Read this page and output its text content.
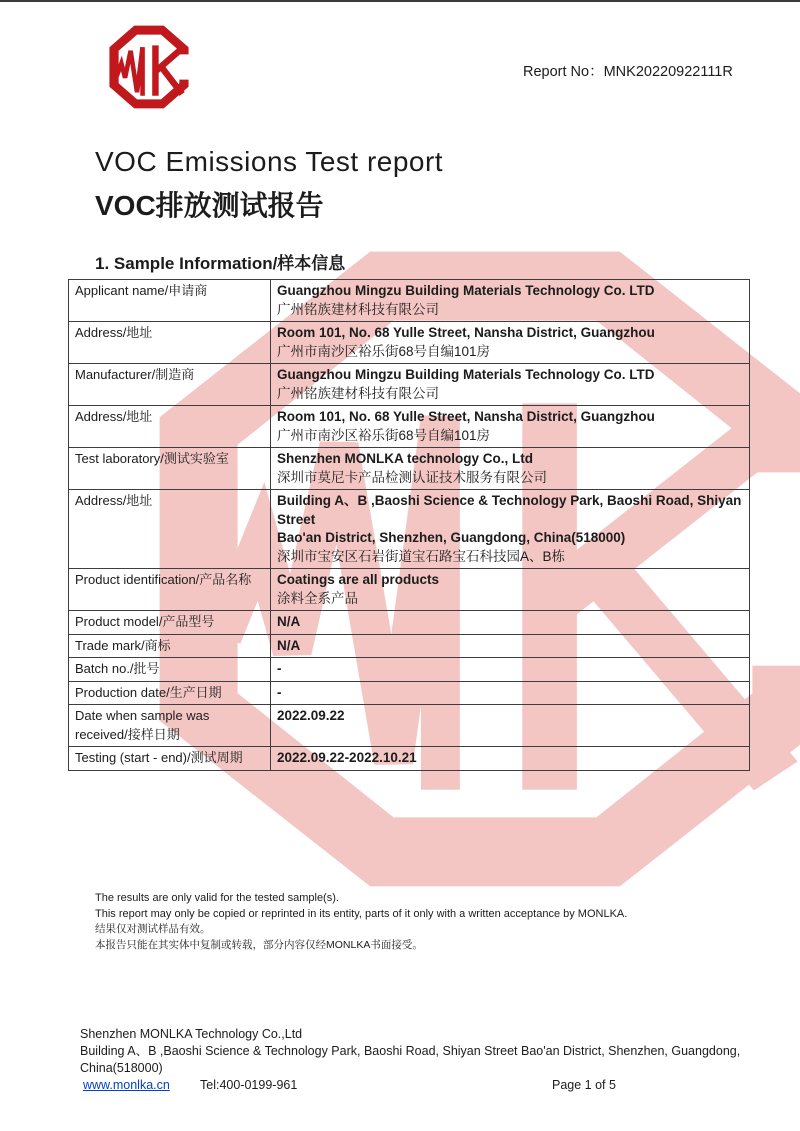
Report No：MNK20220922111R
VOC Emissions Test report
VOC排放测试报告
1. Sample Information/样本信息
Applicant name/申请商	Guangzhou Mingzu Building Materials Technology Co. LTD
广州铭族建材科技有限公司

Address/地址	Room 101, No. 68 Yulle Street, Nansha District, Guangzhou
广州市南沙区裕乐街68号自编101房

Manufacturer/制造商	Guangzhou Mingzu Building Materials Technology Co. LTD
广州铭族建材科技有限公司

Address/地址	Room 101, No. 68 Yulle Street, Nansha District, Guangzhou
广州市南沙区裕乐街68号自编101房

Test laboratory/测试实验室	Shenzhen MONLKA technology Co., Ltd
深圳市莫尼卡产品检测认证技术服务有限公司

Address/地址	Building A、B ,Baoshi Science & Technology Park, Baoshi Road, Shiyan Street
Bao'an District, Shenzhen, Guangdong, China(518000)
深圳市宝安区石岩街道宝石路宝石科技园A、B栋

Product identification/产品名称	Coatings are all products
涂料全系产品

Product model/产品型号	N/A

Trade mark/商标	N/A

Batch no./批号	-

Production date/生产日期	-

Date when sample was received/接样日期	2022.09.22

Testing (start - end)/测试周期	2022.09.22-2022.10.21
The results are only valid for the tested sample(s).
This report may only be copied or reprinted in its entity, parts of it only with a written acceptance by MONLKA.
结果仅对测试样品有效。
本报告只能在其实体中复制或转载，部分内容仅经MONLKA书面接受。
Shenzhen MONLKA Technology Co.,Ltd
Building A、B ,Baoshi Science & Technology Park, Baoshi Road, Shiyan Street Bao'an District, Shenzhen, Guangdong,
China(518000)
www.monlka.cn Tel:400-0199-961	Page 1 of 5
